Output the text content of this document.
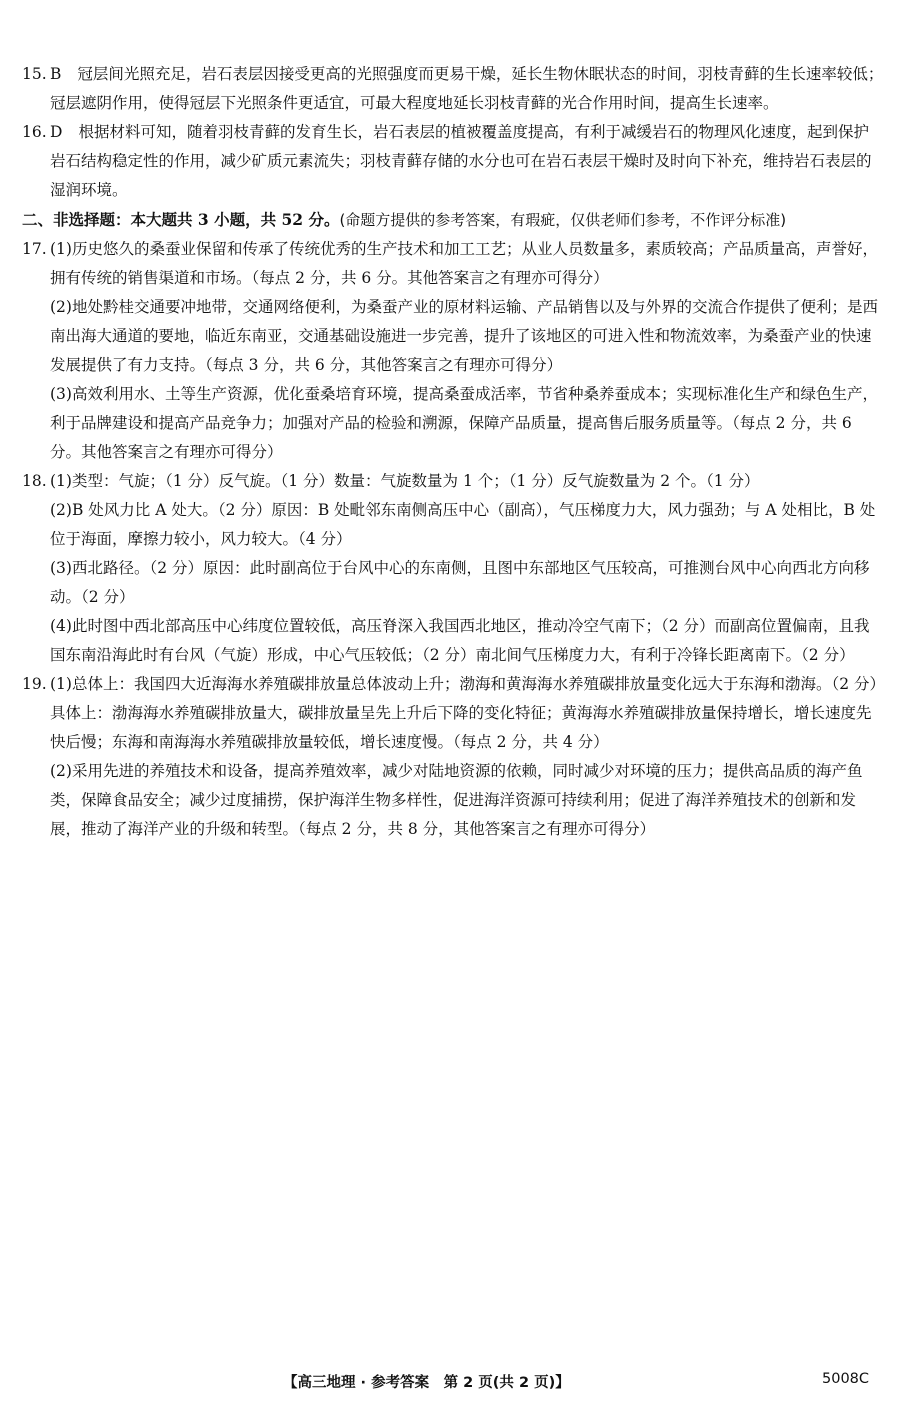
15. B 冠层间光照充足，岩石表层因接受更高的光照强度而更易干燥，延长生物休眠状态的时间，羽枝青藓的生长速率较低；冠层遮阴作用，使得冠层下光照条件更适宜，可最大程度地延长羽枝青藓的光合作用时间，提高生长速率。
16. D 根据材料可知，随着羽枝青藓的发育生长，岩石表层的植被覆盖度提高，有利于减缓岩石的物理风化速度，起到保护岩石结构稳定性的作用，减少矿质元素流失；羽枝青藓存储的水分也可在岩石表层干燥时及时向下补充，维持岩石表层的湿润环境。

二、非选择题：本大题共 3 小题，共 52 分。(命题方提供的参考答案，有瑕疵，仅供老师们参考，不作评分标准)

17. (1)历史悠久的桑蚕业保留和传承了传统优秀的生产技术和加工工艺；从业人员数量多，素质较高；产品质量高，声誉好，拥有传统的销售渠道和市场。（每点 2 分，共 6 分。其他答案言之有理亦可得分）

(2)地处黔桂交通要冲地带，交通网络便利，为桑蚕产业的原材料运输、产品销售以及与外界的交流合作提供了便利；是西南出海大通道的要地，临近东南亚，交通基础设施进一步完善，提升了该地区的可进入性和物流效率，为桑蚕产业的快速发展提供了有力支持。（每点 3 分，共 6 分，其他答案言之有理亦可得分）

(3)高效利用水、土等生产资源，优化蚕桑培育环境，提高桑蚕成活率，节省种桑养蚕成本；实现标准化生产和绿色生产，利于品牌建设和提高产品竞争力；加强对产品的检验和溯源，保障产品质量，提高售后服务质量等。（每点 2 分，共 6 分。其他答案言之有理亦可得分）

18. (1)类型：气旋；（1 分）反气旋。（1 分）数量：气旋数量为 1 个；（1 分）反气旋数量为 2 个。（1 分）

(2)B 处风力比 A 处大。（2 分）原因：B 处毗邻东南侧高压中心（副高），气压梯度力大，风力强劲；与 A 处相比，B 处位于海面，摩擦力较小，风力较大。（4 分）

(3)西北路径。（2 分）原因：此时副高位于台风中心的东南侧，且图中东部地区气压较高，可推测台风中心向西北方向移动。（2 分）

(4)此时图中西北部高压中心纬度位置较低，高压脊深入我国西北地区，推动冷空气南下；（2 分）而副高位置偏南，且我国东南沿海此时有台风（气旋）形成，中心气压较低；（2 分）南北间气压梯度力大，有利于冷锋长距离南下。（2 分）

19. (1)总体上：我国四大近海海水养殖碳排放量总体波动上升；渤海和黄海海水养殖碳排放量变化远大于东海和渤海。（2 分）

具体上：渤海海水养殖碳排放量大，碳排放量呈先上升后下降的变化特征；黄海海水养殖碳排放量保持增长，增长速度先快后慢；东海和南海海水养殖碳排放量较低，增长速度慢。（每点 2 分，共 4 分）

(2)采用先进的养殖技术和设备，提高养殖效率，减少对陆地资源的依赖，同时减少对环境的压力；提供高品质的海产鱼类，保障食品安全；减少过度捕捞，保护海洋生物多样性，促进海洋资源可持续利用；促进了海洋养殖技术的创新和发展，推动了海洋产业的升级和转型。（每点 2 分，共 8 分，其他答案言之有理亦可得分）

【高三地理 · 参考答案　第 2 页(共 2 页)】	5008C
